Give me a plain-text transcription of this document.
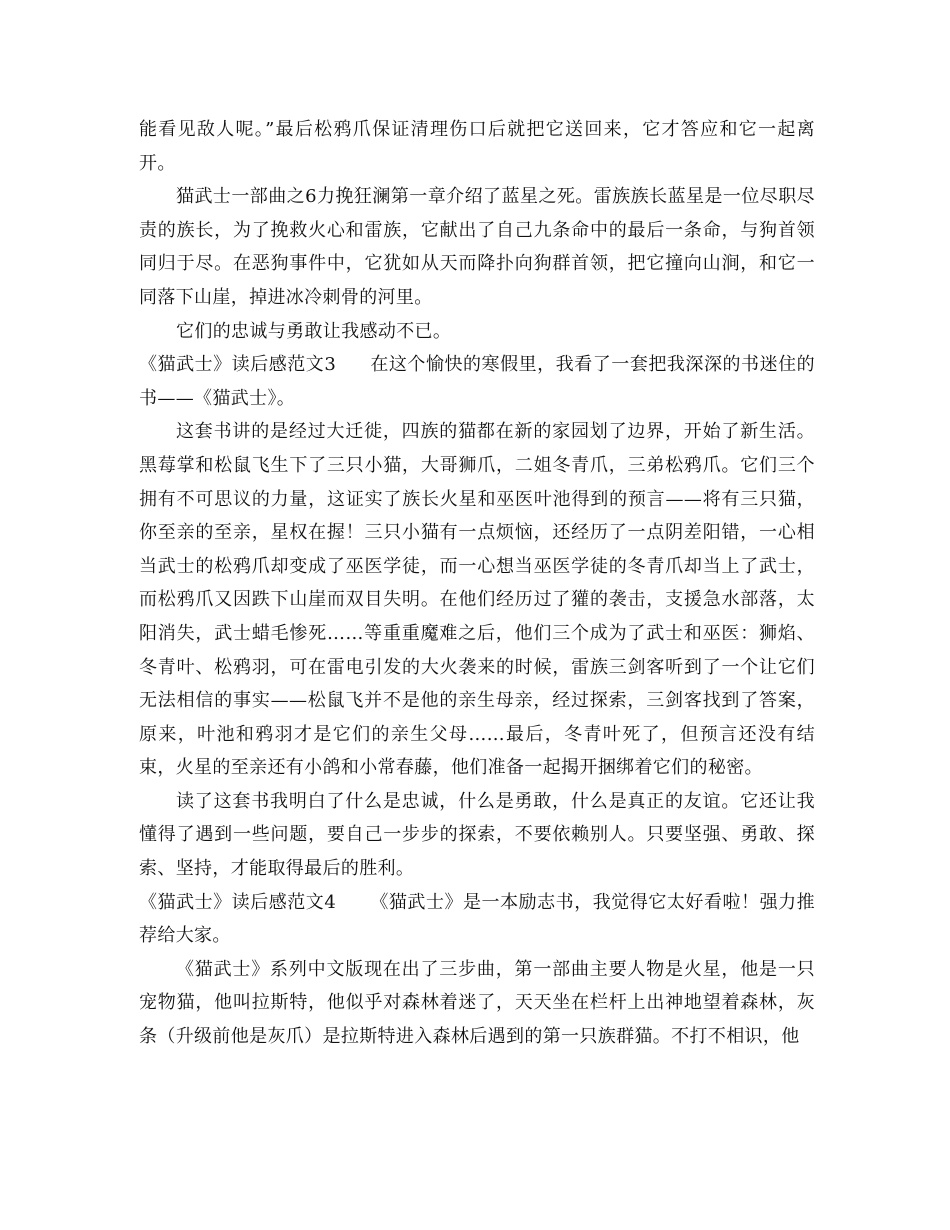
能看见敌人呢。”最后松鸦爪保证清理伤口后就把它送回来，它才答应和它一起离开。

猫武士一部曲之6力挽狂澜第一章介绍了蓝星之死。雷族族长蓝星是一位尽职尽责的族长，为了挽救火心和雷族，它献出了自己九条命中的最后一条命，与狗首领同归于尽。在恶狗事件中，它犹如从天而降扑向狗群首领，把它撞向山涧，和它一同落下山崖，掉进冰冷刺骨的河里。

它们的忠诚与勇敢让我感动不已。

《猫武士》读后感范文3 在这个愉快的寒假里，我看了一套把我深深的书迷住的书——《猫武士》。

这套书讲的是经过大迁徙，四族的猫都在新的家园划了边界，开始了新生活。黑莓掌和松鼠飞生下了三只小猫，大哥狮爪，二姐冬青爪，三弟松鸦爪。它们三个拥有不可思议的力量，这证实了族长火星和巫医叶池得到的预言——将有三只猫，你至亲的至亲，星权在握！三只小猫有一点烦恼，还经历了一点阴差阳错，一心相当武士的松鸦爪却变成了巫医学徒，而一心想当巫医学徒的冬青爪却当上了武士，而松鸦爪又因跌下山崖而双目失明。在他们经历过了獾的袭击，支援急水部落，太阳消失，武士蜡毛惨死……等重重魔难之后，他们三个成为了武士和巫医：狮焰、冬青叶、松鸦羽，可在雷电引发的大火袭来的时候，雷族三剑客听到了一个让它们无法相信的事实——松鼠飞并不是他的亲生母亲，经过探索，三剑客找到了答案，原来，叶池和鸦羽才是它们的亲生父母……最后，冬青叶死了，但预言还没有结束，火星的至亲还有小鸽和小常春藤，他们准备一起揭开捆绑着它们的秘密。

读了这套书我明白了什么是忠诚，什么是勇敢，什么是真正的友谊。它还让我懂得了遇到一些问题，要自己一步步的探索，不要依赖别人。只要坚强、勇敢、探索、坚持，才能取得最后的胜利。

《猫武士》读后感范文4 《猫武士》是一本励志书，我觉得它太好看啦！强力推荐给大家。

《猫武士》系列中文版现在出了三步曲，第一部曲主要人物是火星，他是一只宠物猫，他叫拉斯特，他似乎对森林着迷了，天天坐在栏杆上出神地望着森林，灰条（升级前他是灰爪）是拉斯特进入森林后遇到的第一只族群猫。不打不相识，他
